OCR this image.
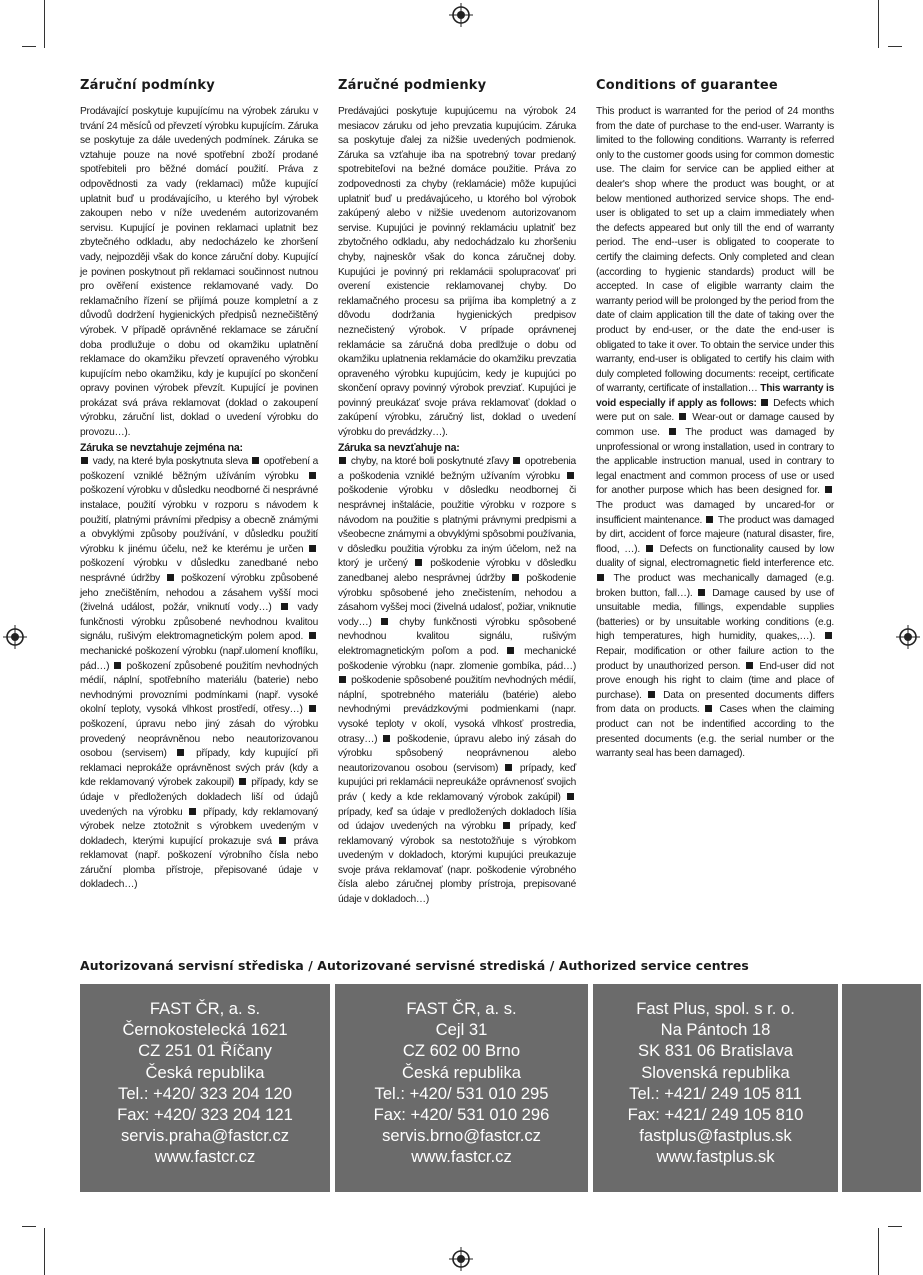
Záruční podmínky

Prodávající poskytuje kupujícímu na výrobek záruku v trvání 24 měsíců od převzetí výrobku kupujícím. Záruka se poskytuje za dále uvedených podmínek. Záruka se vztahuje pouze na nové spotřební zboží prodané spotřebiteli pro běžné domácí použití. Práva z odpovědnosti za vady (reklamaci) může kupující uplatnit buď u prodávajícího, u kterého byl výrobek zakoupen nebo v níže uvedeném autorizovaném servisu. Kupující je povinen reklamaci uplatnit bez zbytečného odkladu, aby nedocházelo ke zhoršení vady, nejpozději však do konce záruční doby. Kupující je povinen poskytnout při reklamaci součinnost nutnou pro ověření existence reklamované vady. Do reklamačního řízení se přijímá pouze kompletní a z důvodů dodržení hygienických předpisů neznečištěný výrobek. V případě oprávněné reklamace se záruční doba prodlužuje o dobu od okamžiku uplatnění reklamace do okamžiku převzetí opraveného výrobku kupujícím nebo okamžiku, kdy je kupující po skončení opravy povinen výrobek převzít. Kupující je povinen prokázat svá práva reklamovat (doklad o zakoupení výrobku, záruční list, doklad o uvedení výrobku do provozu…).

Záruka se nevztahuje zejména na:

vady, na které byla poskytnuta sleva  opotřebení a poškození vzniklé běžným užíváním výrobku  poškození výrobku v důsledku neodborné či nesprávné instalace, použití výrobku v rozporu s návodem k použití, platnými právními předpisy a obecně známými a obvyklými způsoby používání, v důsledku použití výrobku k jinému účelu, než ke kterému je určen  poškození výrobku v důsledku zanedbané nebo nesprávné údržby  poškození výrobku způsobené jeho znečištěním, nehodou a zásahem vyšší moci (živelná událost, požár, vniknutí vody…)  vady funkčnosti výrobku způsobené nevhodnou kvalitou signálu, rušivým elektromagnetickým polem apod.  mechanické poškození výrobku (např.ulomení knoflíku, pád…)  poškození způsobené použitím nevhodných médií, náplní, spotřebního materiálu (baterie) nebo nevhodnými provozními podmínkami (např. vysoké okolní teploty, vysoká vlhkost prostředí, otřesy…)  poškození, úpravu nebo jiný zásah do výrobku provedený neoprávněnou nebo neautorizovanou osobou (servisem)  případy, kdy kupující při reklamaci neprokáže oprávněnost svých práv (kdy a kde reklamovaný výrobek zakoupil)  případy, kdy se údaje v předložených dokladech liší od údajů uvedených na výrobku  případy, kdy reklamovaný výrobek nelze ztotožnit s výrobkem uvedeným v dokladech, kterými kupující prokazuje svá  práva reklamovat (např. poškození výrobního čísla nebo záruční plomba přístroje, přepisované údaje v dokladech…)

Záručné podmienky

Predávajúci poskytuje kupujúcemu na výrobok 24 mesiacov záruku od jeho prevzatia kupujúcim. Záruka sa poskytuje ďalej za nižšie uvedených podmienok. Záruka sa vzťahuje iba na spotrebný tovar predaný spotrebiteľovi na bežné domáce použitie. Práva zo zodpovednosti za chyby (reklamácie) môže kupujúci uplatniť buď u predávajúceho, u ktorého bol výrobok zakúpený alebo v nižšie uvedenom autorizovanom servise. Kupujúci je povinný reklamáciu uplatniť bez zbytočného odkladu, aby nedochádzalo ku zhoršeniu chyby, najneskôr však do konca záručnej doby. Kupujúci je povinný pri reklamácii spolupracovať pri overení existencie reklamovanej chyby. Do reklamačného procesu sa prijíma iba kompletný a z dôvodu dodržania hygienických predpisov neznečistený výrobok. V prípade oprávnenej reklamácie sa záručná doba predlžuje o dobu od okamžiku uplatnenia reklamácie do okamžiku prevzatia opraveného výrobku kupujúcim, kedy je kupujúci po skončení opravy povinný výrobok prevziať. Kupujúci je povinný preukázať svoje práva reklamovať (doklad o zakúpení výrobku, záručný list, doklad o uvedení výrobku do prevádzky…).

Záruka sa nevzťahuje na:

chyby, na ktoré boli poskytnuté zľavy  opotrebenia a poškodenia vzniklé bežným užívaním výrobku  poškodenie výrobku v dôsledku neodbornej či nesprávnej inštalácie, použitie výrobku v rozpore s návodom na použitie s platnými právnymi predpismi a všeobecne známymi a obvyklými spôsobmi používania, v dôsledku použitia výrobku za iným účelom, než na ktorý je určený  poškodenie výrobku v dôsledku zanedbanej alebo nesprávnej údržby  poškodenie výrobku spôsobené jeho znečistením, nehodou a zásahom vyššej moci (živelná udalosť, požiar, vniknutie vody…)  chyby funkčnosti výrobku spôsobené nevhodnou kvalitou signálu, rušivým elektromagnetickým poľom a pod.  mechanické poškodenie výrobku (napr. zlomenie gombíka, pád…)  poškodenie spôsobené použitím nevhodných médií, náplní, spotrebného materiálu (batérie) alebo nevhodnými prevádzkovými podmienkami (napr. vysoké teploty v okolí, vysoká vlhkosť prostredia, otrasy…)  poškodenie, úpravu alebo iný zásah do výrobku spôsobený neoprávnenou alebo neautorizovanou osobou (servisom)  prípady, keď kupujúci pri reklamácii nepreukáže oprávnenosť svojich práv ( kedy a kde reklamovaný výrobok zakúpil)  prípady, keď sa údaje v predložených dokladoch líšia od údajov uvedených na výrobku  prípady, keď reklamovaný výrobok sa nestotožňuje s výrobkom uvedeným v dokladoch, ktorými kupujúci preukazuje svoje práva reklamovať (napr. poškodenie výrobného čísla alebo záručnej plomby prístroja, prepisované údaje v dokladoch…)

Conditions of guarantee

This product is warranted for the period of 24 months from the date of purchase to the end-user. Warranty is limited to the following conditions. Warranty is referred only to the customer goods using for common domestic use. The claim for service can be applied either at dealer's shop where the product was bought, or at below mentioned authorized service shops. The end-user is obligated to set up a claim immediately when the defects appeared but only till the end of warranty period. The end--user is obligated to cooperate to certify the claiming defects. Only completed and clean (according to hygienic standards) product will be accepted. In case of eligible warranty claim the warranty period will be prolonged by the period from the date of claim application till the date of taking over the product by end-user, or the date the end-user is obligated to take it over. To obtain the service under this warranty, end-user is obligated to certify his claim with duly completed following documents: receipt, certificate of warranty, certificate of installation… This warranty is void especially if apply as follows: Defects which were put on sale.  Wear-out or damage caused by common use.  The product was damaged by unprofessional or wrong installation, used in contrary to the applicable instruction manual, used in contrary to legal enactment and common process of use or used for another purpose which has been designed for.  The product was damaged by uncared-for or insufficient maintenance.  The product was damaged by dirt, accident of force majeure (natural disaster, fire, flood, …).  Defects on functionality caused by low duality of signal, electromagnetic field interference etc.  The product was mechanically damaged (e.g. broken button, fall…).  Damage caused by use of unsuitable media, fillings, expendable supplies (batteries) or by unsuitable working conditions (e.g. high temperatures, high humidity, quakes,…).  Repair, modification or other failure action to the product by unauthorized person.  End-user did not prove enough his right to claim (time and place of purchase).  Data on presented documents differs from data on products.  Cases when the claiming product can not be indentified according to the presented documents (e.g. the serial number or the warranty seal has been damaged).

Autorizovaná servisní střediska / Autorizované servisné strediská / Authorized service centres
FAST ČR, a. s.
Černokostelecká 1621
CZ 251 01 Říčany
Česká republika
Tel.: +420/ 323 204 120
Fax: +420/ 323 204 121
servis.praha@fastcr.cz
www.fastcr.cz
FAST ČR, a. s.
Cejl 31
CZ 602 00 Brno
Česká republika
Tel.: +420/ 531 010 295
Fax: +420/ 531 010 296
servis.brno@fastcr.cz
www.fastcr.cz
Fast Plus, spol. s r. o.
Na Pántoch 18
SK 831 06 Bratislava
Slovenská republika
Tel.: +421/ 249 105 811
Fax: +421/ 249 105 810
fastplus@fastplus.sk
www.fastplus.sk
